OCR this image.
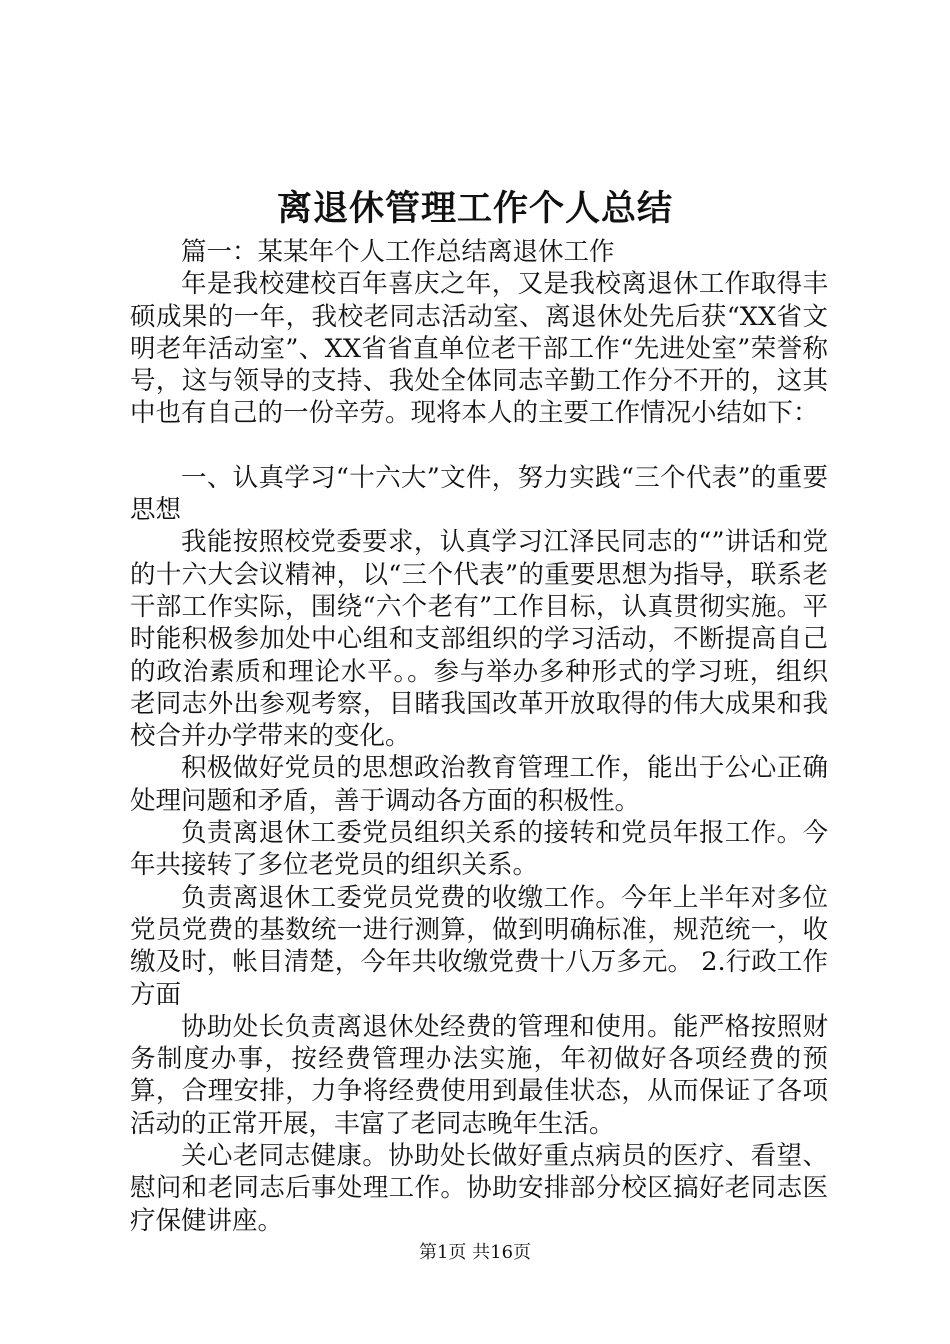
离退休管理工作个人总结

篇一：某某年个人工作总结离退休工作

年是我校建校百年喜庆之年，又是我校离退休工作取得丰硕成果的一年，我校老同志活动室、离退休处先后获“XX省文明老年活动室”、XX省省直单位老干部工作“先进处室”荣誉称号，这与领导的支持、我处全体同志辛勤工作分不开的，这其中也有自己的一份辛劳。现将本人的主要工作情况小结如下：

一、认真学习“十六大”文件，努力实践“三个代表”的重要思想

我能按照校党委要求，认真学习江泽民同志的“”讲话和党的十六大会议精神，以“三个代表”的重要思想为指导，联系老干部工作实际，围绕“六个老有”工作目标，认真贯彻实施。平时能积极参加处中心组和支部组织的学习活动，不断提高自己的政治素质和理论水平。。参与举办多种形式的学习班，组织老同志外出参观考察，目睹我国改革开放取得的伟大成果和我校合并办学带来的变化。

积极做好党员的思想政治教育管理工作，能出于公心正确处理问题和矛盾，善于调动各方面的积极性。

负责离退休工委党员组织关系的接转和党员年报工作。今年共接转了多位老党员的组织关系。

负责离退休工委党员党费的收缴工作。今年上半年对多位党员党费的基数统一进行测算，做到明确标准，规范统一，收缴及时，帐目清楚，今年共收缴党费十八万多元。 2.行政工作方面

协助处长负责离退休处经费的管理和使用。能严格按照财务制度办事，按经费管理办法实施，年初做好各项经费的预算，合理安排，力争将经费使用到最佳状态，从而保证了各项活动的正常开展，丰富了老同志晚年生活。

关心老同志健康。协助处长做好重点病员的医疗、看望、慰问和老同志后事处理工作。协助安排部分校区搞好老同志医疗保健讲座。

第1页 共16页
